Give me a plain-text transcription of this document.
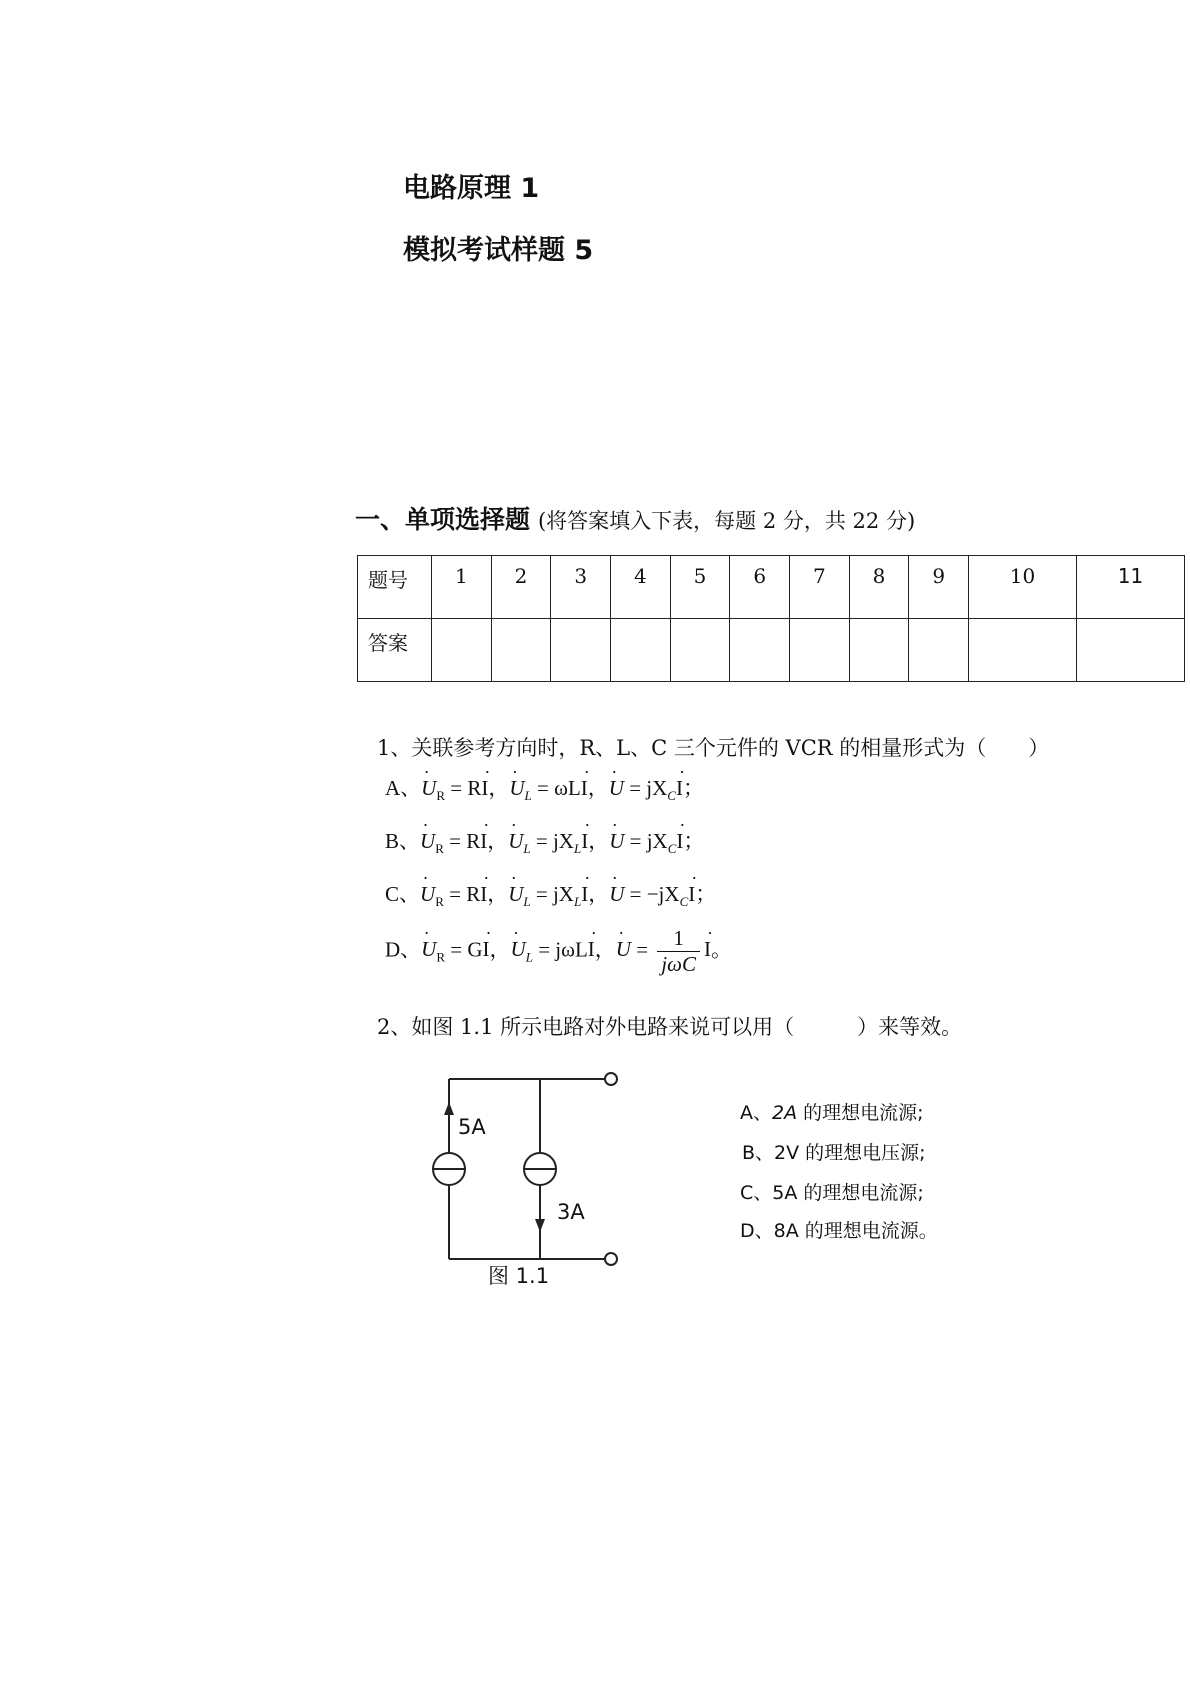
电路原理 1
模拟考试样题 5
一、单项选择题 (将答案填入下表，每题 2 分，共 22 分)
题号	1	2	3	4	5	6	7	8	9	10	11
答案											
1、关联参考方向时，R、L、C 三个元件的 VCR 的相量形式为（　　）
A、· $U_R = R\cdot I$，· $U_L = \omega L\cdot I$，· $U = jX_C\cdot I$；
B、· $U_R = R\cdot I$，· $U_L = jX_L\cdot I$，· $U = jX_C\cdot I$；
C、· $U_R = R\cdot I$，· $U_L = jX_L\cdot I$，· $U = -jX_C\cdot I$；
D、· $U_R = G\cdot I$，· $U_L = j\omega L\cdot I$，· $U = \frac{1}{\text{jωC}} \cdot I$。
2、如图 1.1 所示电路对外电路来说可以用（　　　）来等效。
5A
3A
图 1.1
A、2A 的理想电流源;
B、2V 的理想电压源;
C、5A 的理想电流源;
D、8A 的理想电流源。
